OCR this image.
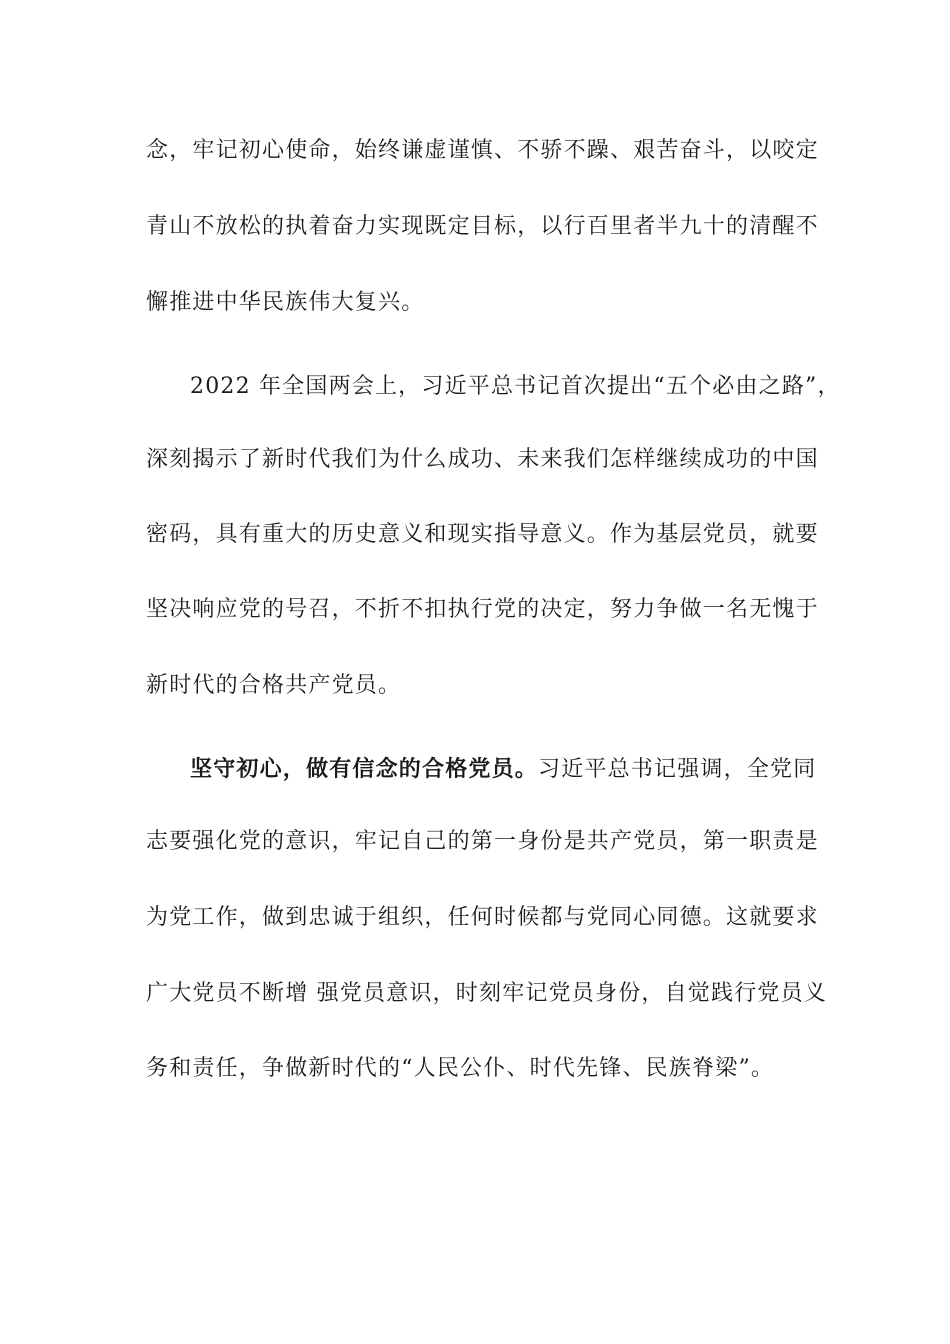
念，牢记初心使命，始终谦虚谨慎、不骄不躁、艰苦奋斗，以咬定
青山不放松的执着奋力实现既定目标，以行百里者半九十的清醒不
懈推进中华民族伟大复兴。
2022 年全国两会上，习近平总书记首次提出“五个必由之路”，
深刻揭示了新时代我们为什么成功、未来我们怎样继续成功的中国
密码，具有重大的历史意义和现实指导意义。作为基层党员，就要
坚决响应党的号召，不折不扣执行党的决定，努力争做一名无愧于
新时代的合格共产党员。
坚守初心，做有信念的合格党员。习近平总书记强调，全党同
志要强化党的意识，牢记自己的第一身份是共产党员，第一职责是
为党工作，做到忠诚于组织，任何时候都与党同心同德。这就要求
广大党员不断增 强党员意识，时刻牢记党员身份，自觉践行党员义
务和责任，争做新时代的“人民公仆、时代先锋、民族脊梁”。
